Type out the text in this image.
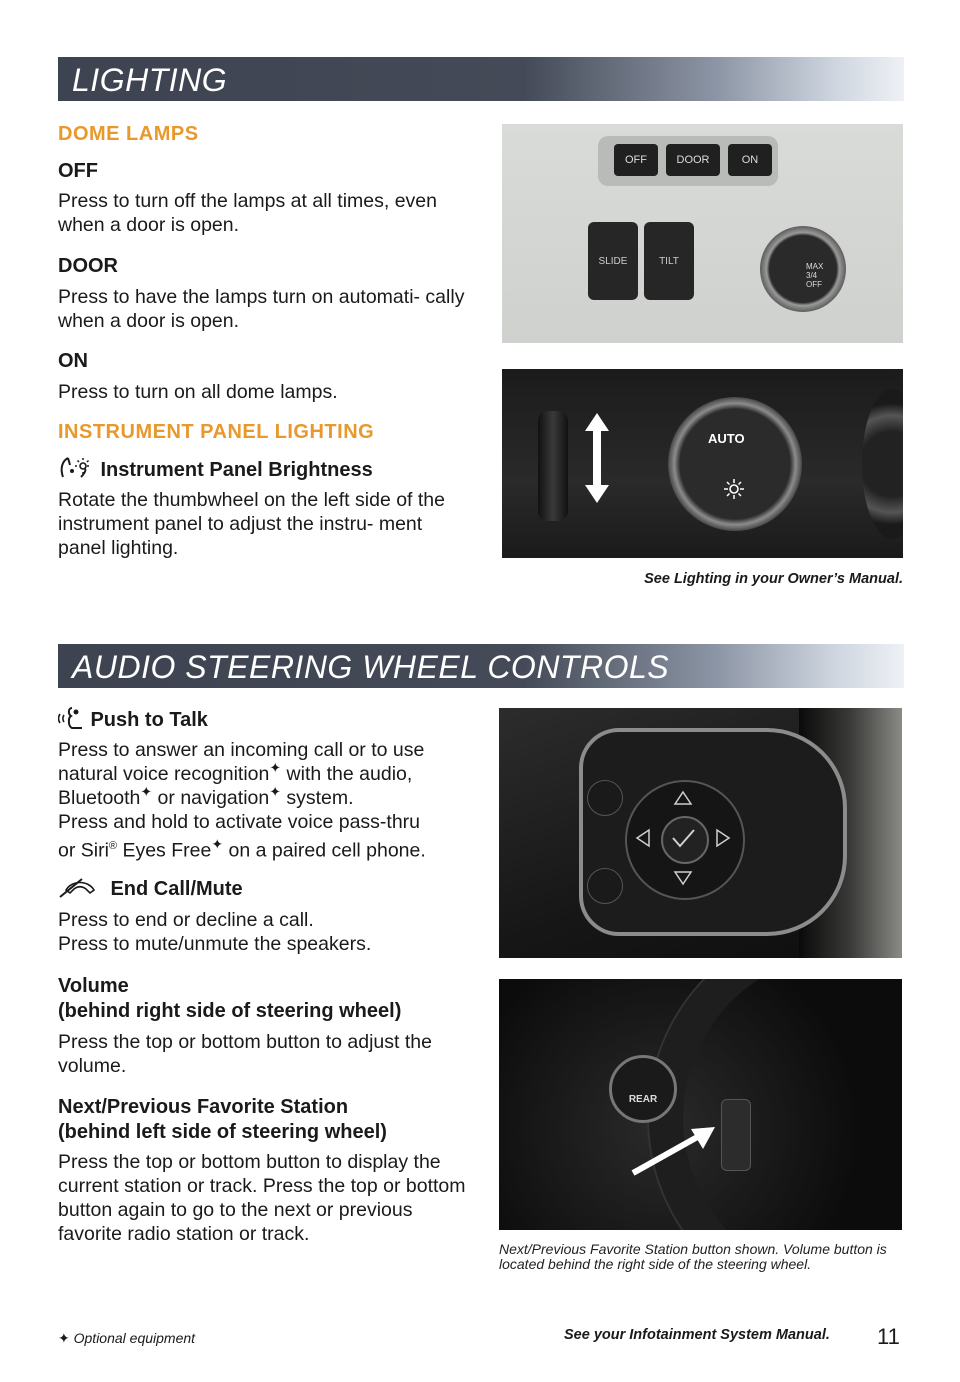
LIGHTING
DOME LAMPS
OFF
Press to turn off the lamps at all times, even when a door is open.
DOOR
Press to have the lamps turn on automati- cally when a door is open.
ON
Press to turn on all dome lamps.
INSTRUMENT PANEL LIGHTING
Instrument Panel Brightness
Rotate the thumbwheel on the left side of the instrument panel to adjust the instru- ment panel lighting.
OFF	DOOR	ON
SLIDE	TILT	MAX
3/4
OFF
AUTO
See Lighting in your Owner’s Manual.
AUDIO STEERING WHEEL CONTROLS
Push to Talk
Press to answer an incoming call or to use
natural voice recognition✦ with the audio,
Bluetooth✦ or navigation✦ system.
Press and hold to activate voice pass-thru
or Siri® Eyes Free✦ on a paired cell phone.
End Call/Mute
Press to end or decline a call.
Press to mute/unmute the speakers.
Volume
(behind right side of steering wheel)
Press the top or bottom button to adjust the volume.
Next/Previous Favorite Station
(behind left side of steering wheel)
Press the top or bottom button to display the current station or track. Press the top or bottom button again to go to the next or previous favorite radio station or track.
REAR
Next/Previous Favorite Station button shown. Volume button is located behind the right side of the steering wheel.
✦ Optional equipment	See your Infotainment System Manual. 11
